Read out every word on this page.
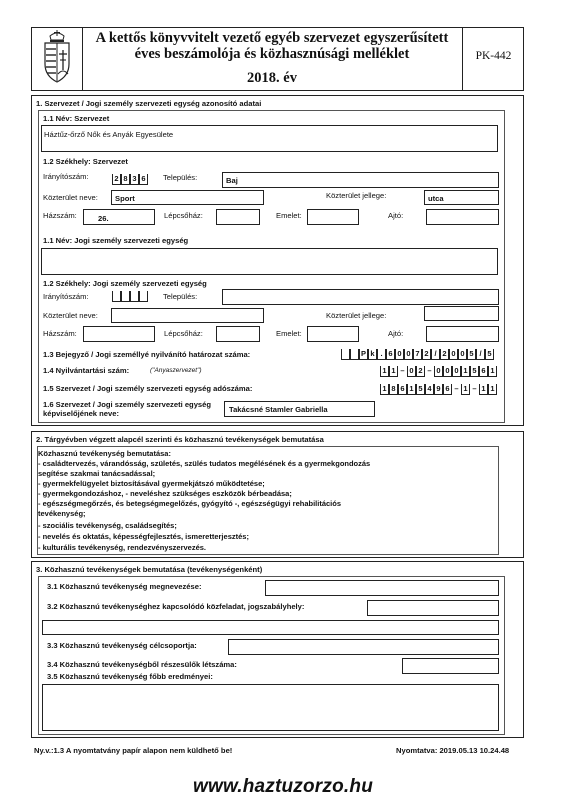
A kettős könyvvitelt vezető egyéb szervezet egyszerűsített
éves beszámolója és közhasznúsági melléklet
2018. év
PK-442
1. Szervezet / Jogi személy szervezeti egység azonosító adatai
1.1 Név: Szervezet
Háztűz-őrző Nők és Anyák Egyesülete
1.2 Székhely: Szervezet
Irányítószám:	2 8 3 6	Település:	Baj
Közterület neve: Sport	Közterület jellege:	utca
Házszám:	26.	Lépcsőház:	Emelet:	Ajtó:
1.1 Név: Jogi személy szervezeti egység
1.2 Székhely: Jogi személy szervezeti egység
Irányítószám:	Település:
Közterület neve:	Közterület jellege:
Házszám:	Lépcsőház:	Emelet:	Ajtó:
1.3 Bejegyző / Jogi személlyé nyilvánító határozat száma:	P k . 6 0 0 7 2 / 2 0 0 5 / 5
1.4 Nyilvántartási szám:	("Anyaszervezet")	1 1 – 0 2 – 0 0 0 1 5 6 1
1.5 Szervezet / Jogi személy szervezeti egység adószáma:	1 8 6 1 5 4 9 6 – 1 – 1 1
1.6 Szervezet / Jogi személy szervezeti egység
képviselőjének neve:	Takácsné Stamler Gabriella
2. Tárgyévben végzett alapcél szerinti és közhasznú tevékenységek bemutatása
Közhasznú tevékenység bemutatása:
- családtervezés, várandósság, születés, szülés tudatos megélésének és a gyermekgondozás
segítése szakmai tanácsadással;
- gyermekfelügyelet biztosításával gyermekjátszó működtetése;
- gyermekgondozáshoz, - neveléshez szükséges eszközök bérbeadása;
- egészségmegőrzés, és betegségmegelőzés, gyógyító -, egészségügyi rehabilitációs
tevékenység;
- szociális tevékenység, családsegítés;
- nevelés és oktatás, képességfejlesztés, ismeretterjesztés;
- kulturális tevékenység, rendezvényszervezés.
3. Közhasznú tevékenységek bemutatása (tevékenységenként)
3.1 Közhasznú tevékenység megnevezése:
3.2 Közhasznú tevékenységhez kapcsolódó közfeladat, jogszabályhely:
3.3 Közhasznú tevékenység célcsoportja:
3.4 Közhasznú tevékenységből részesülők létszáma:
3.5 Közhasznú tevékenység főbb eredményei:
Ny.v.:1.3 A nyomtatvány papír alapon nem küldhető be!	Nyomtatva: 2019.05.13 10.24.48
www.haztuzorzo.hu
